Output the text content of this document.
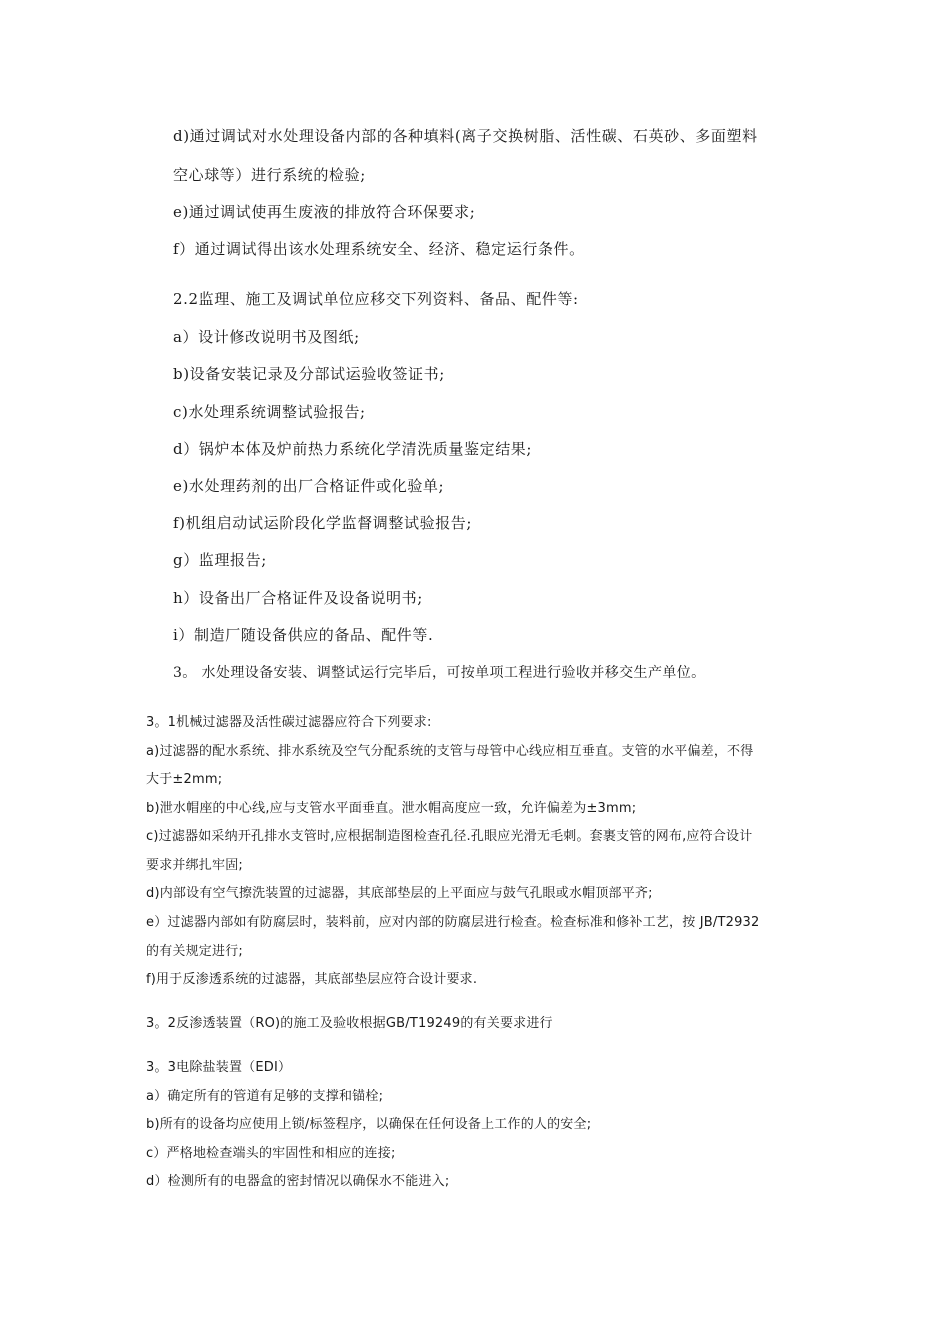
d)通过调试对水处理设备内部的各种填料(离子交换树脂、活性碳、石英砂、多面塑料
空心球等）进行系统的检验;
e)通过调试使再生废液的排放符合环保要求;
f）通过调试得出该水处理系统安全、经济、稳定运行条件。
2.2监理、施工及调试单位应移交下列资料、备品、配件等:
a）设计修改说明书及图纸;
b)设备安装记录及分部试运验收签证书;
c)水处理系统调整试验报告;
d）锅炉本体及炉前热力系统化学清洗质量鉴定结果;
e)水处理药剂的出厂合格证件或化验单;
f)机组启动试运阶段化学监督调整试验报告;
g）监理报告;
h）设备出厂合格证件及设备说明书;
i）制造厂随设备供应的备品、配件等.
3。 水处理设备安装、调整试运行完毕后，可按单项工程进行验收并移交生产单位。
3。1机械过滤器及活性碳过滤器应符合下列要求:
a)过滤器的配水系统、排水系统及空气分配系统的支管与母管中心线应相互垂直。支管的水平偏差，不得
大于±2mm;
b)泄水帽座的中心线,应与支管水平面垂直。泄水帽高度应一致，允许偏差为±3mm;
c)过滤器如采纳开孔排水支管时,应根据制造图检查孔径.孔眼应光滑无毛刺。套裹支管的网布,应符合设计
要求并绑扎牢固;
d)内部设有空气擦洗装置的过滤器，其底部垫层的上平面应与鼓气孔眼或水帽顶部平齐;
e）过滤器内部如有防腐层时，装料前，应对内部的防腐层进行检查。检查标准和修补工艺，按 JB/T2932
的有关规定进行;
f)用于反渗透系统的过滤器，其底部垫层应符合设计要求.
3。2反渗透装置（RO)的施工及验收根据GB/T19249的有关要求进行
3。3电除盐装置（EDI）
a）确定所有的管道有足够的支撑和锚栓;
b)所有的设备均应使用上锁/标签程序，以确保在任何设备上工作的人的安全;
c）严格地检查端头的牢固性和相应的连接;
d）检测所有的电器盒的密封情况以确保水不能进入;
